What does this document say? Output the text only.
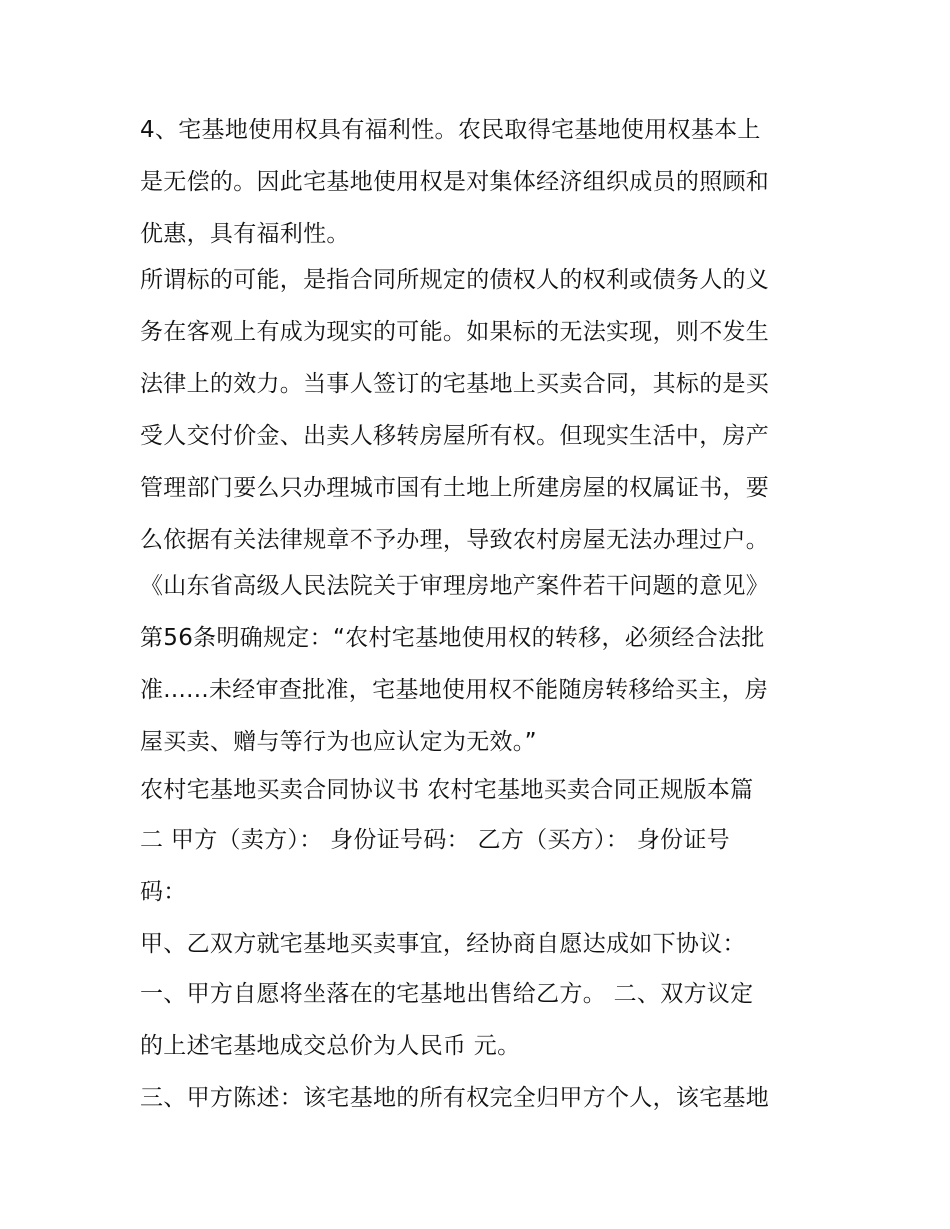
4、宅基地使用权具有福利性。农民取得宅基地使用权基本上
是无偿的。因此宅基地使用权是对集体经济组织成员的照顾和
优惠，具有福利性。
所谓标的可能，是指合同所规定的债权人的权利或债务人的义
务在客观上有成为现实的可能。如果标的无法实现，则不发生
法律上的效力。当事人签订的宅基地上买卖合同，其标的是买
受人交付价金、出卖人移转房屋所有权。但现实生活中，房产
管理部门要么只办理城市国有土地上所建房屋的权属证书，要
么依据有关法律规章不予办理，导致农村房屋无法办理过户。
《山东省高级人民法院关于审理房地产案件若干问题的意见》
第56条明确规定：“农村宅基地使用权的转移，必须经合法批
准......未经审查批准，宅基地使用权不能随房转移给买主，房
屋买卖、赠与等行为也应认定为无效。”
农村宅基地买卖合同协议书 农村宅基地买卖合同正规版本篇
二 甲方（卖方）： 身份证号码： 乙方（买方）： 身份证号
码：
甲、乙双方就宅基地买卖事宜，经协商自愿达成如下协议：
一、甲方自愿将坐落在的宅基地出售给乙方。 二、双方议定
的上述宅基地成交总价为人民币 元。
三、甲方陈述：该宅基地的所有权完全归甲方个人，该宅基地
